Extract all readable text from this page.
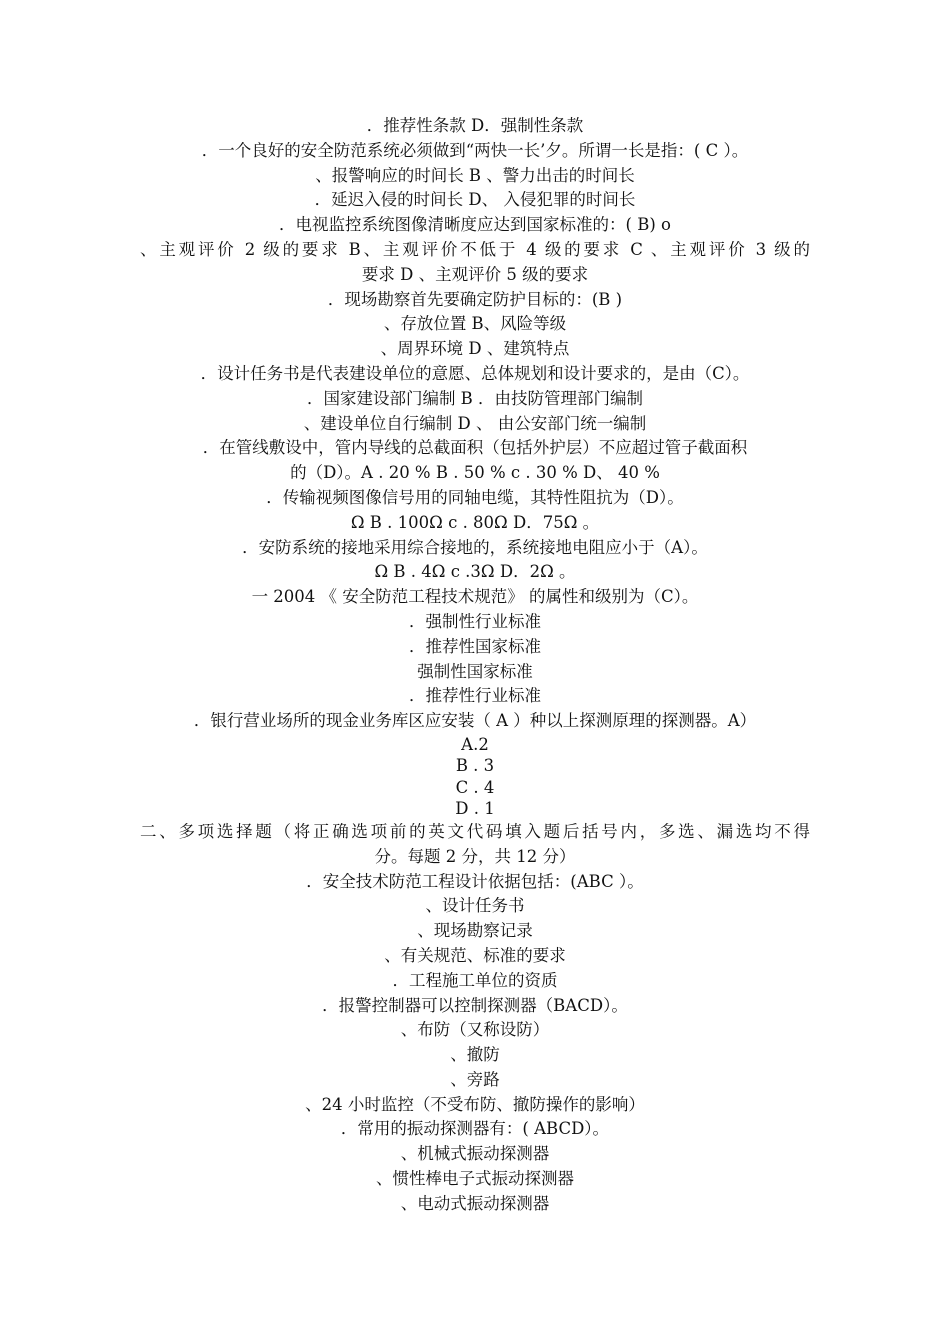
．推荐性条款 D．强制性条款
．一个良好的安全防范系统必须做到“两快一长’夕。所谓一长是指：( C ）。
、报警响应的时间长 B 、警力出击的时间长
．延迟入侵的时间长 D、 入侵犯罪的时间长
．电视监控系统图像清晰度应达到国家标准的：( B) o
、主观评价 2 级的要求 B、主观评价不低于 4 级的要求 C 、主观评价 3 级的
要求 D 、主观评价 5 级的要求
．现场勘察首先要确定防护目标的：(B )
、存放位置 B、风险等级
、周界环境 D 、建筑特点
．设计任务书是代表建设单位的意愿、总体规划和设计要求的，是由（C）。
．国家建设部门编制 B ．由技防管理部门编制
、建设单位自行编制 D 、 由公安部门统一编制
．在管线敷设中，管内导线的总截面积（包括外护层）不应超过管子截面积
的（D）。A . 20 % B . 50 % c . 30 % D、 40 %
．传输视频图像信号用的同轴电缆，其特性阻抗为（D）。
Ω B . 100Ω c . 80Ω D．75Ω 。
．安防系统的接地采用综合接地的，系统接地电阻应小于（A）。
Ω B . 4Ω c .3Ω D．2Ω 。
一 2004 《 安全防范工程技术规范》 的属性和级别为（C）。
．强制性行业标准
．推荐性国家标准
强制性国家标准
．推荐性行业标准
．银行营业场所的现金业务库区应安装（ A ）种以上探测原理的探测器。A）
A.2
B . 3
C . 4
D . 1
二、多项选择题（将正确选项前的英文代码填入题后括号内，多选、漏选均不得
分。每题 2 分，共 12 分）
．安全技术防范工程设计依据包括：(ABC ）。
、设计任务书
、现场勘察记录
、有关规范、标准的要求
．工程施工单位的资质
．报警控制器可以控制探测器（BACD）。
、布防（又称设防）
、撤防
、旁路
、24 小时监控（不受布防、撤防操作的影响）
．常用的振动探测器有：( ABCD）。
、机械式振动探测器
、惯性棒电子式振动探测器
、电动式振动探测器
